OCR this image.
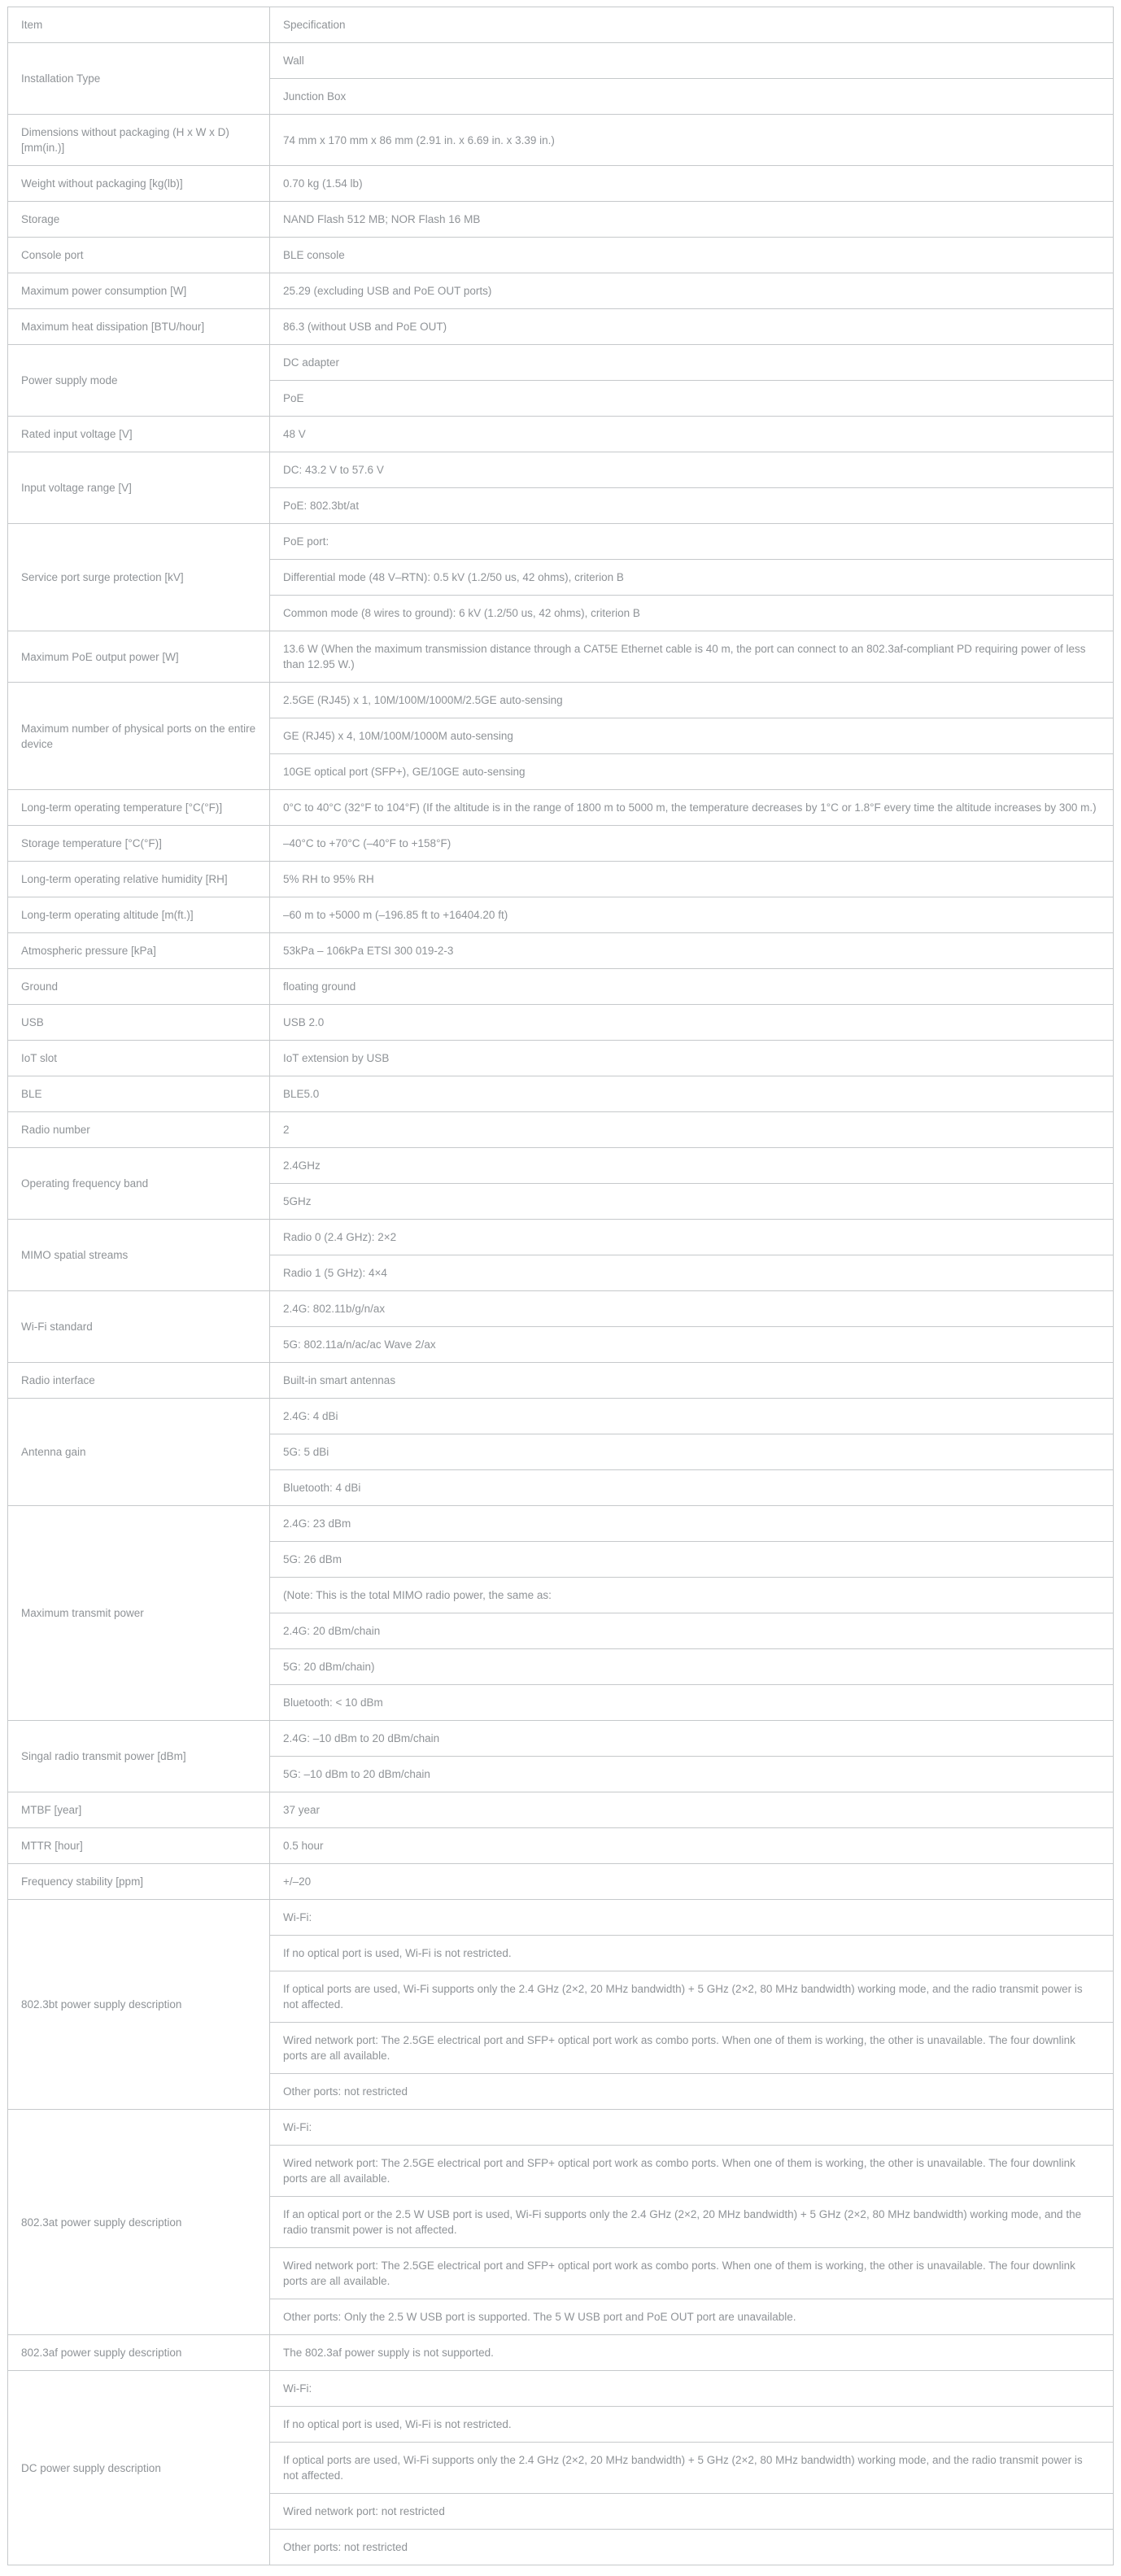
Item	Specification
Installation Type	Wall
	Junction Box
Dimensions without packaging (H x W x D) [mm(in.)]	74 mm x 170 mm x 86 mm (2.91 in. x 6.69 in. x 3.39 in.)
Weight without packaging [kg(lb)]	0.70 kg (1.54 lb)
Storage	NAND Flash 512 MB; NOR Flash 16 MB
Console port	BLE console
Maximum power consumption [W]	25.29 (excluding USB and PoE OUT ports)
Maximum heat dissipation [BTU/hour]	86.3 (without USB and PoE OUT)
Power supply mode	DC adapter
	PoE
Rated input voltage [V]	48 V
Input voltage range [V]	DC: 43.2 V to 57.6 V
	PoE: 802.3bt/at
Service port surge protection [kV]	PoE port:
	Differential mode (48 V–RTN): 0.5 kV (1.2/50 us, 42 ohms), criterion B
	Common mode (8 wires to ground): 6 kV (1.2/50 us, 42 ohms), criterion B
Maximum PoE output power [W]	13.6 W (When the maximum transmission distance through a CAT5E Ethernet cable is 40 m, the port can connect to an 802.3af-compliant PD requiring power of less than 12.95 W.)
Maximum number of physical ports on the entire device	2.5GE (RJ45) x 1, 10M/100M/1000M/2.5GE auto-sensing
	GE (RJ45) x 4, 10M/100M/1000M auto-sensing
	10GE optical port (SFP+), GE/10GE auto-sensing
Long-term operating temperature [°C(°F)]	0°C to 40°C (32°F to 104°F) (If the altitude is in the range of 1800 m to 5000 m, the temperature decreases by 1°C or 1.8°F every time the altitude increases by 300 m.)
Storage temperature [°C(°F)]	–40°C to +70°C (–40°F to +158°F)
Long-term operating relative humidity [RH]	5% RH to 95% RH
Long-term operating altitude [m(ft.)]	–60 m to +5000 m (–196.85 ft to +16404.20 ft)
Atmospheric pressure [kPa]	53kPa – 106kPa ETSI 300 019-2-3
Ground	floating ground
USB	USB 2.0
IoT slot	IoT extension by USB
BLE	BLE5.0
Radio number	2
Operating frequency band	2.4GHz
	5GHz
MIMO spatial streams	Radio 0 (2.4 GHz): 2×2
	Radio 1 (5 GHz): 4×4
Wi-Fi standard	2.4G: 802.11b/g/n/ax
	5G: 802.11a/n/ac/ac Wave 2/ax
Radio interface	Built-in smart antennas
Antenna gain	2.4G: 4 dBi
	5G: 5 dBi
	Bluetooth: 4 dBi
Maximum transmit power	2.4G: 23 dBm
	5G: 26 dBm
	(Note: This is the total MIMO radio power, the same as:
	2.4G: 20 dBm/chain
	5G: 20 dBm/chain)
	Bluetooth: < 10 dBm
Singal radio transmit power [dBm]	2.4G: –10 dBm to 20 dBm/chain
	5G: –10 dBm to 20 dBm/chain
MTBF [year]	37 year
MTTR [hour]	0.5 hour
Frequency stability [ppm]	+/–20
802.3bt power supply description	Wi-Fi:
	If no optical port is used, Wi-Fi is not restricted.
	If optical ports are used, Wi-Fi supports only the 2.4 GHz (2×2, 20 MHz bandwidth) + 5 GHz (2×2, 80 MHz bandwidth) working mode, and the radio transmit power is not affected.
	Wired network port: The 2.5GE electrical port and SFP+ optical port work as combo ports. When one of them is working, the other is unavailable. The four downlink ports are all available.
	Other ports: not restricted
802.3at power supply description	Wi-Fi:
	Wired network port: The 2.5GE electrical port and SFP+ optical port work as combo ports. When one of them is working, the other is unavailable. The four downlink ports are all available.
	If an optical port or the 2.5 W USB port is used, Wi-Fi supports only the 2.4 GHz (2×2, 20 MHz bandwidth) + 5 GHz (2×2, 80 MHz bandwidth) working mode, and the radio transmit power is not affected.
	Wired network port: The 2.5GE electrical port and SFP+ optical port work as combo ports. When one of them is working, the other is unavailable. The four downlink ports are all available.
	Other ports: Only the 2.5 W USB port is supported. The 5 W USB port and PoE OUT port are unavailable.
802.3af power supply description	The 802.3af power supply is not supported.
DC power supply description	Wi-Fi:
	If no optical port is used, Wi-Fi is not restricted.
	If optical ports are used, Wi-Fi supports only the 2.4 GHz (2×2, 20 MHz bandwidth) + 5 GHz (2×2, 80 MHz bandwidth) working mode, and the radio transmit power is not affected.
	Wired network port: not restricted
	Other ports: not restricted
